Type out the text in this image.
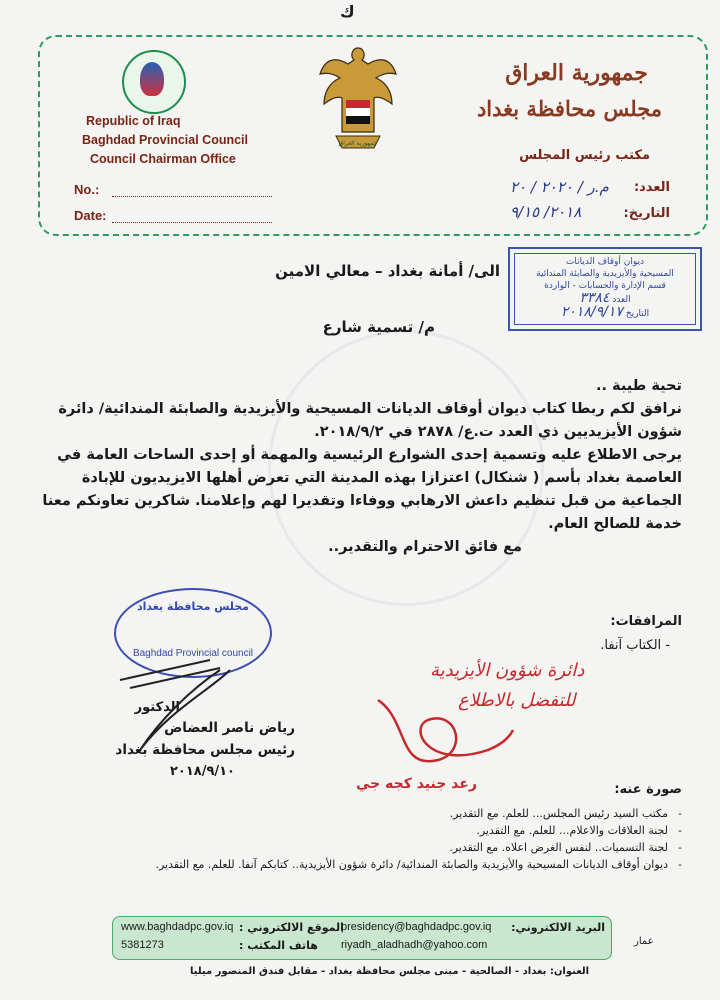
ك
جمهورية العراق
Republic of Iraq
Baghdad Provincial Council
Council Chairman Office
No.:
Date:
جمهورية العراق
مجلس محافظة بغداد
مكتب رئيس المجلس
العدد:
التاريخ:
م.ر / ٢٠٢٠ / ٢٠
٢٠١٨/ ٩/١٥
ديوان أوقاف الديانات
المسيحية والأيزيدية والصابئة المندائية
قسم الإدارة والحسابات - الواردة
العدد ٣٣٨٤
التاريخ ٢٠١٨/٩/١٧
الى/ أمانة بغداد – معالي الامين
م/ تسمية شارع

تحية طيبة ..

نرافق لكم ربطا كتاب ديوان أوقاف الديانات المسيحية والأيزيدية والصابئة المندائية/ دائرة شؤون الأيزيديين ذي العدد ت.ع/ ٢٨٧٨ في ٢٠١٨/٩/٢.

يرجى الاطلاع عليه وتسمية إحدى الشوارع الرئيسية والمهمة أو إحدى الساحات العامة في العاصمة بغداد بأسم ( شنكال) اعتزازا بهذه المدينة التي تعرض أهلها الايزيديون للإبادة الجماعية من قبل تنظيم داعش الارهابي ووفاءا وتقديرا لهم وإعلامنا. شاكرين تعاونكم معنا خدمة للصالح العام.

مع فائق الاحترام والتقدير..

مجلس محافظة بغداد
Baghdad Provincial council
الدكتور
رياض ناصر العضاض
رئيس مجلس محافظة بغداد
٢٠١٨/٩/١٠
المرافقات:
- الكتاب آنفا.
دائرة شؤون الأيزيدية
للتفضل بالاطلاع
رعد جنيد كجه جي	صورة عنه:
- مكتب السيد رئيس المجلس... للعلم. مع التقدير.
- لجنة العلاقات والاعلام... للعلم. مع التقدير.
- لجنة التسميات.. لنفس الغرض اعلاه. مع التقدير.
- ديوان أوقاف الديانات المسيحية والأيزيدية والصابئة المندائية/ دائرة شؤون الأيزيدية.. كتابكم آنفا. للعلم. مع التقدير.
www.baghdadpc.gov.iq الموقع الالكتروني :
5381273	هاتف المكتب :
presidency@baghdadpc.gov.iq
riyadh_aladhadh@yahoo.com
البريد الالكتروني:
عمار
العنوان: بغداد - الصالحية - مبنى مجلس محافظة بغداد - مقابل فندق المنصور ميليا
